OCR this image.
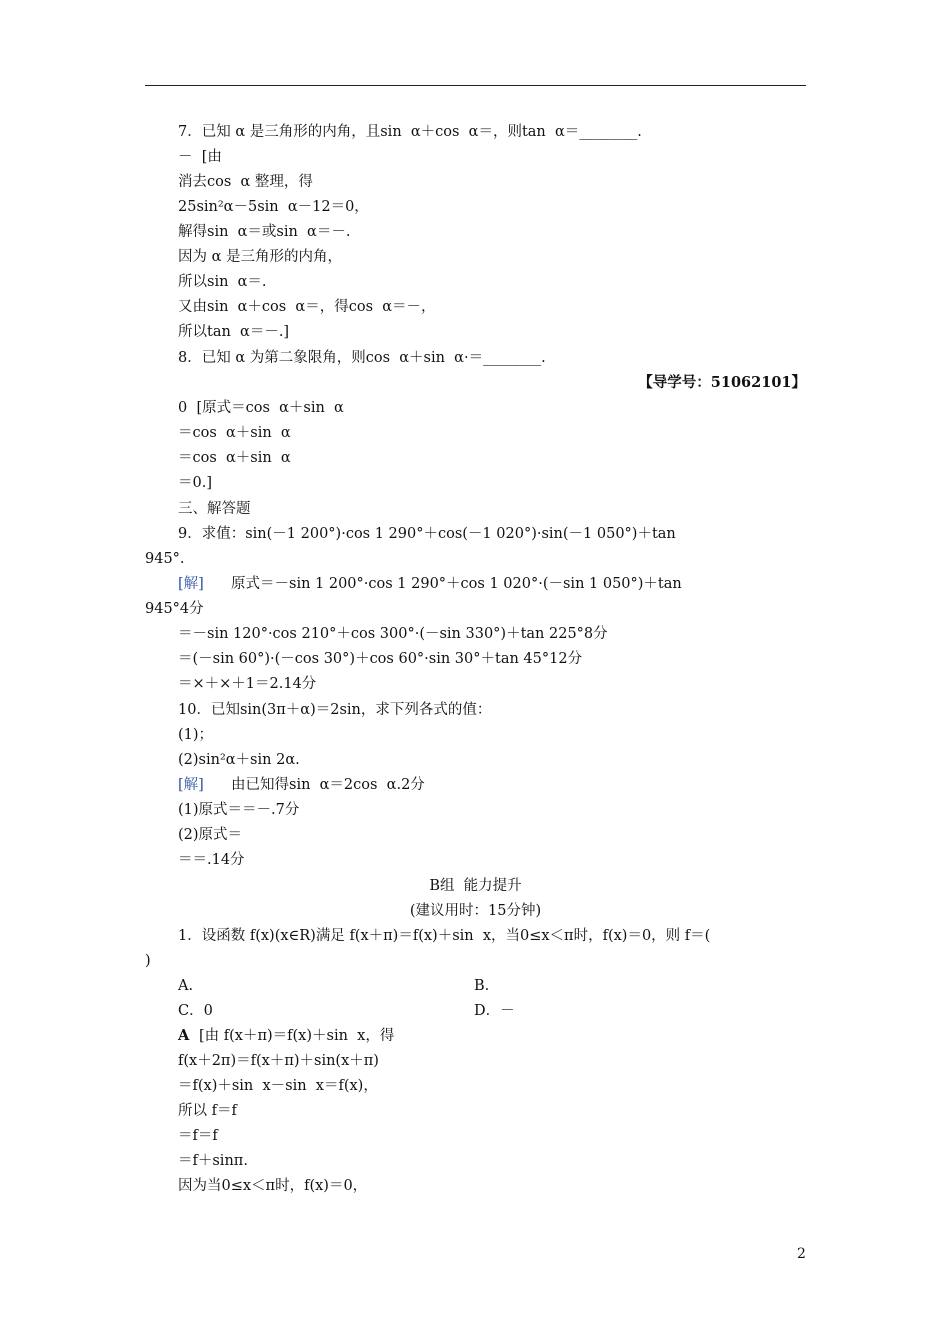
7．已知 α 是三角形的内角，且sin  α＋cos  α＝，则tan  α＝________.
－  [由
消去cos  α 整理，得
25sin²α－5sin  α－12＝0，
解得sin  α＝或sin  α＝－.
因为 α 是三角形的内角，
所以sin  α＝.
又由sin  α＋cos  α＝，得cos  α＝－，
所以tan  α＝－.]
8．已知 α 为第二象限角，则cos  α＋sin  α·＝________.
【导学号：51062101】
0  [原式＝cos  α＋sin  α
＝cos  α＋sin  α
＝cos  α＋sin  α
＝0.]
三、解答题
9．求值：sin(－1 200°)·cos 1 290°＋cos(－1 020°)·sin(－1 050°)＋tan
945°.
[解] 原式＝－sin 1 200°·cos 1 290°＋cos 1 020°·(－sin 1 050°)＋tan
945°4分
＝－sin 120°·cos 210°＋cos 300°·(－sin 330°)＋tan 225°8分
＝(－sin 60°)·(－cos 30°)＋cos 60°·sin 30°＋tan 45°12分
＝×＋×＋1＝2.14分
10．已知sin(3π＋α)＝2sin，求下列各式的值：
(1)；
(2)sin²α＋sin 2α.
[解] 由已知得sin  α＝2cos  α.2分
(1)原式＝＝－.7分
(2)原式＝
＝＝.14分
B组  能力提升
(建议用时：15分钟)
1．设函数 f(x)(x∈R)满足 f(x＋π)＝f(x)＋sin  x，当0≤x＜π时，f(x)＝0，则 f＝(
)
A.	B.
C．0	D．－
A [由 f(x＋π)＝f(x)＋sin  x，得
f(x＋2π)＝f(x＋π)＋sin(x＋π)
＝f(x)＋sin  x－sin  x＝f(x)，
所以 f＝f
＝f＝f
＝f＋sinπ.
因为当0≤x＜π时，f(x)＝0，
2
